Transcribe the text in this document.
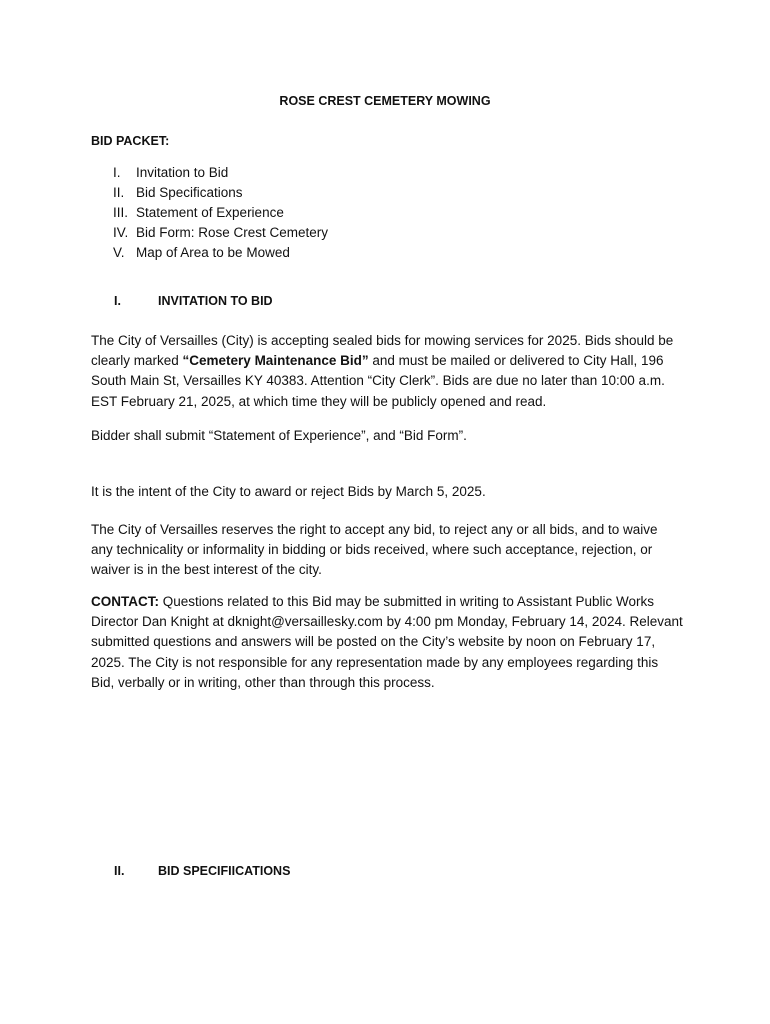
ROSE CREST CEMETERY MOWING
BID PACKET:
I.	Invitation to Bid
II. Bid Specifications
III. Statement of Experience
IV. Bid Form: Rose Crest Cemetery
V. Map of Area to be Mowed
I.	INVITATION TO BID

The City of Versailles (City) is accepting sealed bids for mowing services for 2025. Bids should be clearly marked “Cemetery Maintenance Bid” and must be mailed or delivered to City Hall, 196 South Main St, Versailles KY 40383. Attention “City Clerk”. Bids are due no later than 10:00 a.m. EST February 21, 2025, at which time they will be publicly opened and read.

Bidder shall submit “Statement of Experience”, and “Bid Form”.

It is the intent of the City to award or reject Bids by March 5, 2025.

The City of Versailles reserves the right to accept any bid, to reject any or all bids, and to waive any technicality or informality in bidding or bids received, where such acceptance, rejection, or waiver is in the best interest of the city.

CONTACT: Questions related to this Bid may be submitted in writing to Assistant Public Works Director Dan Knight at dknight@versaillesky.com by 4:00 pm Monday, February 14, 2024. Relevant submitted questions and answers will be posted on the City’s website by noon on February 17, 2025. The City is not responsible for any representation made by any employees regarding this Bid, verbally or in writing, other than through this process.

II.	BID SPECIFIICATIONS
